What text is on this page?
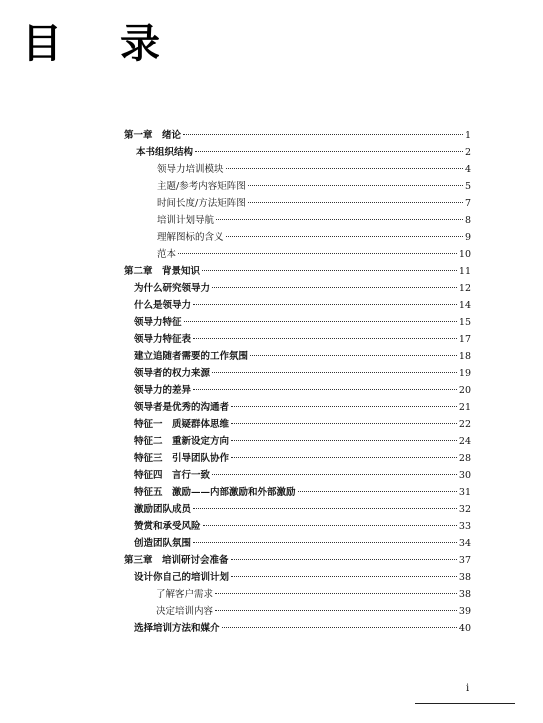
目 录
第一章　绪论	1
本书组织结构	2
领导力培训模块	4
主题/参考内容矩阵图	5
时间长度/方法矩阵图	7
培训计划导航	8
理解图标的含义	9
范本	10
第二章　背景知识	11
为什么研究领导力	12
什么是领导力	14
领导力特征	15
领导力特征表	17
建立追随者需要的工作氛围	18
领导者的权力来源	19
领导力的差异	20
领导者是优秀的沟通者	21
特征一　质疑群体思维	22
特征二　重新设定方向	24
特征三　引导团队协作	28
特征四　言行一致	30
特征五　激励——内部激励和外部激励	31
激励团队成员	32
赞赏和承受风险	33
创造团队氛围	34
第三章　培训研讨会准备	37
设计你自己的培训计划	38
了解客户需求	38
决定培训内容	39
选择培训方法和媒介	40
i
